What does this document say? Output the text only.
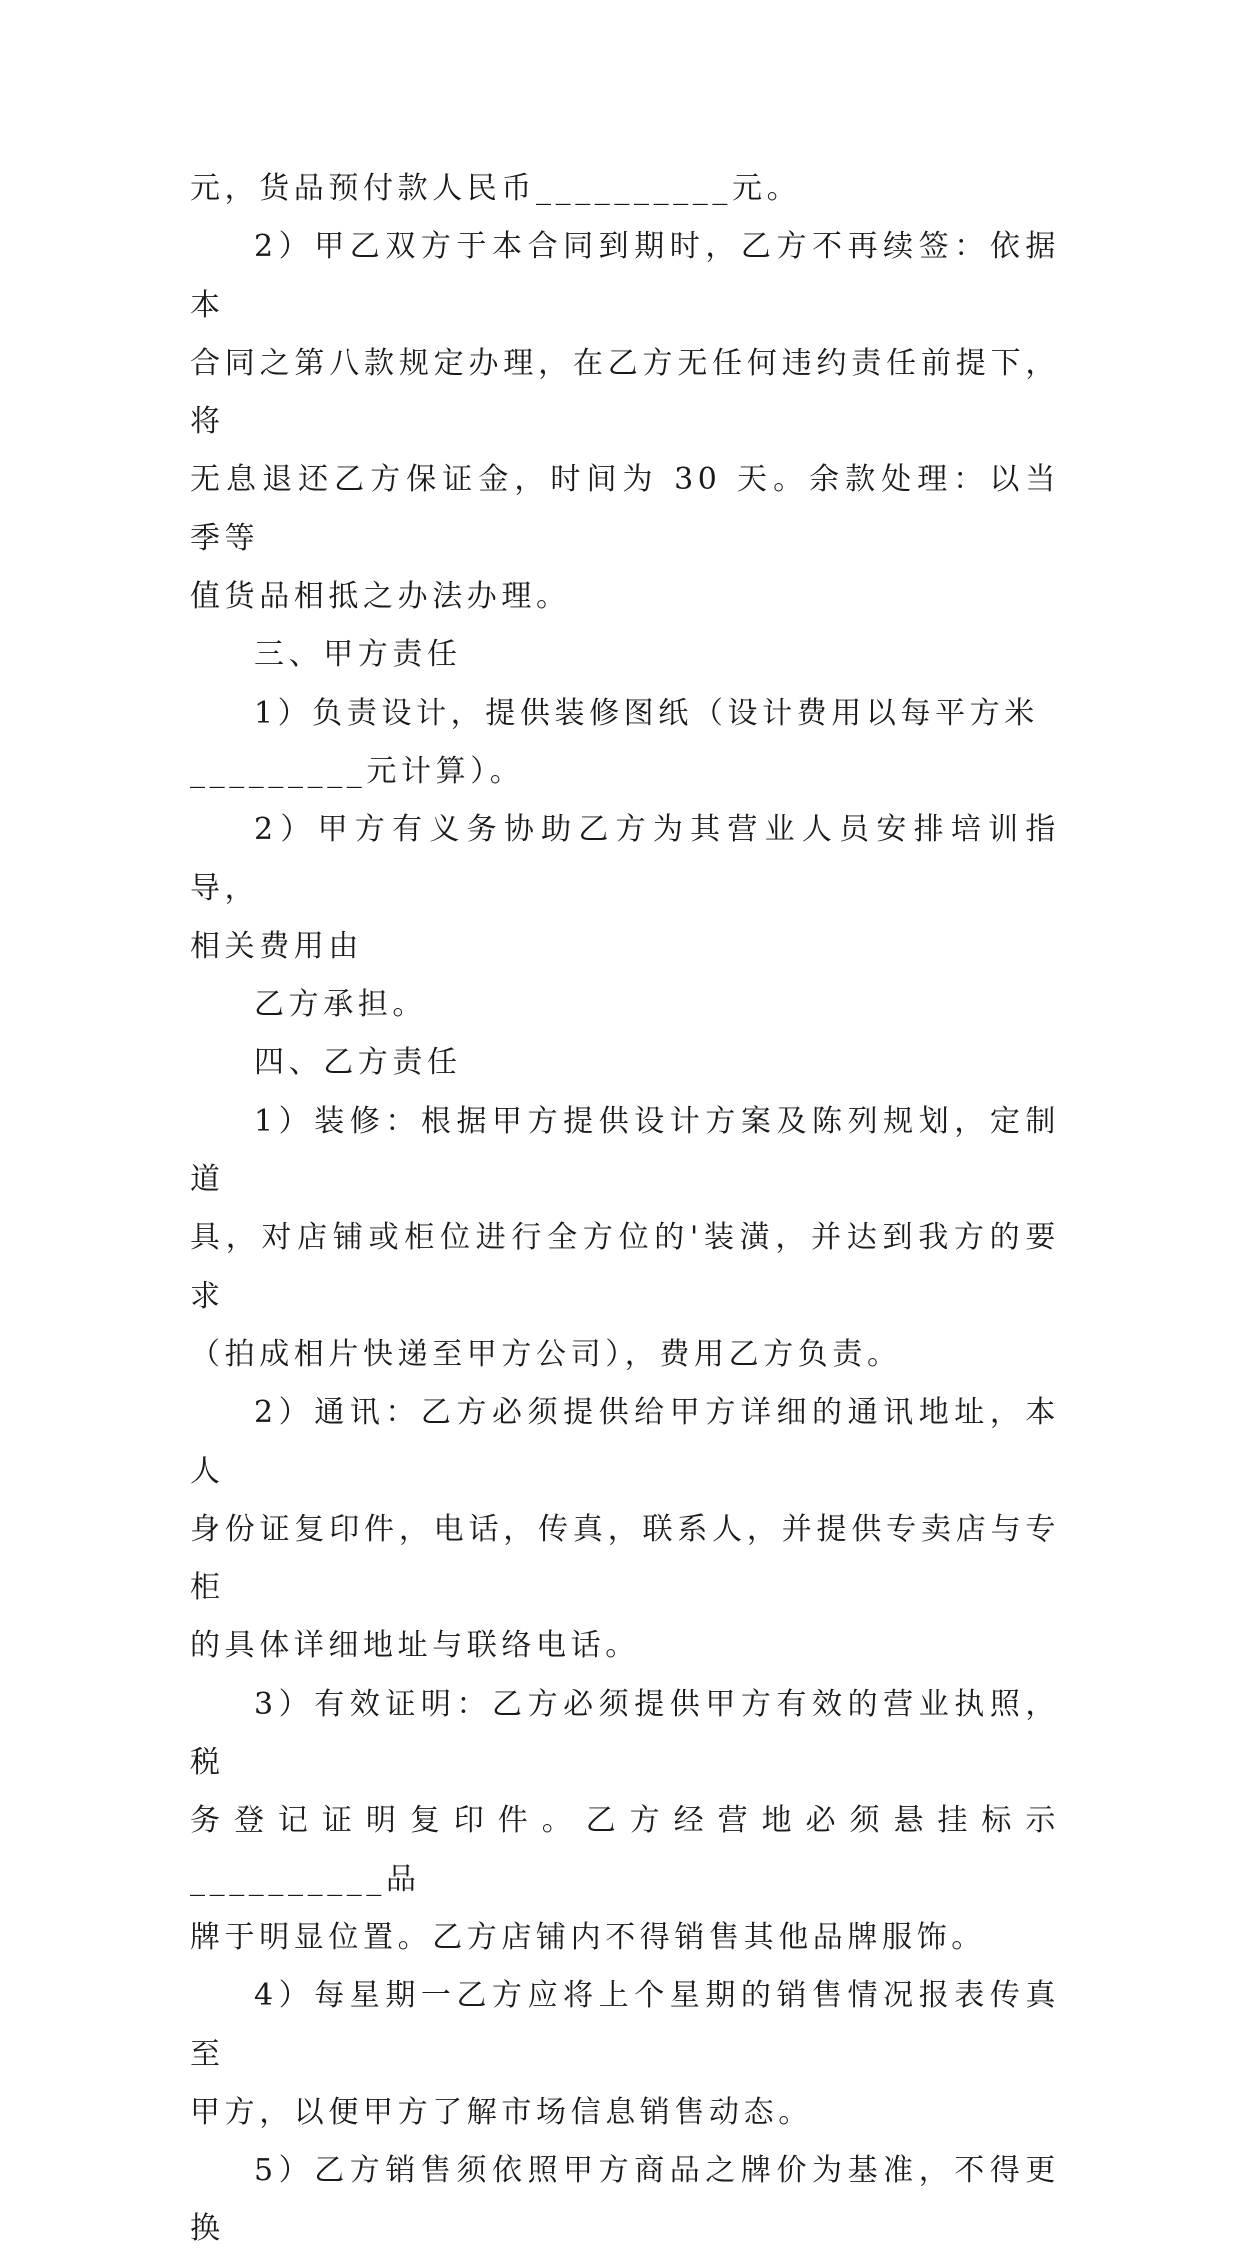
元，货品预付款人民币__________元。
2）甲乙双方于本合同到期时，乙方不再续签：依据本
合同之第八款规定办理，在乙方无任何违约责任前提下，将
无息退还乙方保证金，时间为 30 天。余款处理：以当季等
值货品相抵之办法办理。
三、甲方责任
1）负责设计，提供装修图纸（设计费用以每平方米
_________元计算）。
2）甲方有义务协助乙方为其营业人员安排培训指导，
相关费用由
乙方承担。
四、乙方责任
1）装修：根据甲方提供设计方案及陈列规划，定制道
具，对店铺或柜位进行全方位的'装潢，并达到我方的要求
（拍成相片快递至甲方公司），费用乙方负责。
2）通讯：乙方必须提供给甲方详细的通讯地址，本人
身份证复印件，电话，传真，联系人，并提供专卖店与专柜
的具体详细地址与联络电话。
3）有效证明：乙方必须提供甲方有效的营业执照，税
务登记证明复印件。乙方经营地必须悬挂标示__________品
牌于明显位置。乙方店铺内不得销售其他品牌服饰。
4）每星期一乙方应将上个星期的销售情况报表传真至
甲方，以便甲方了解市场信息销售动态。
5）乙方销售须依照甲方商品之牌价为基准，不得更换
